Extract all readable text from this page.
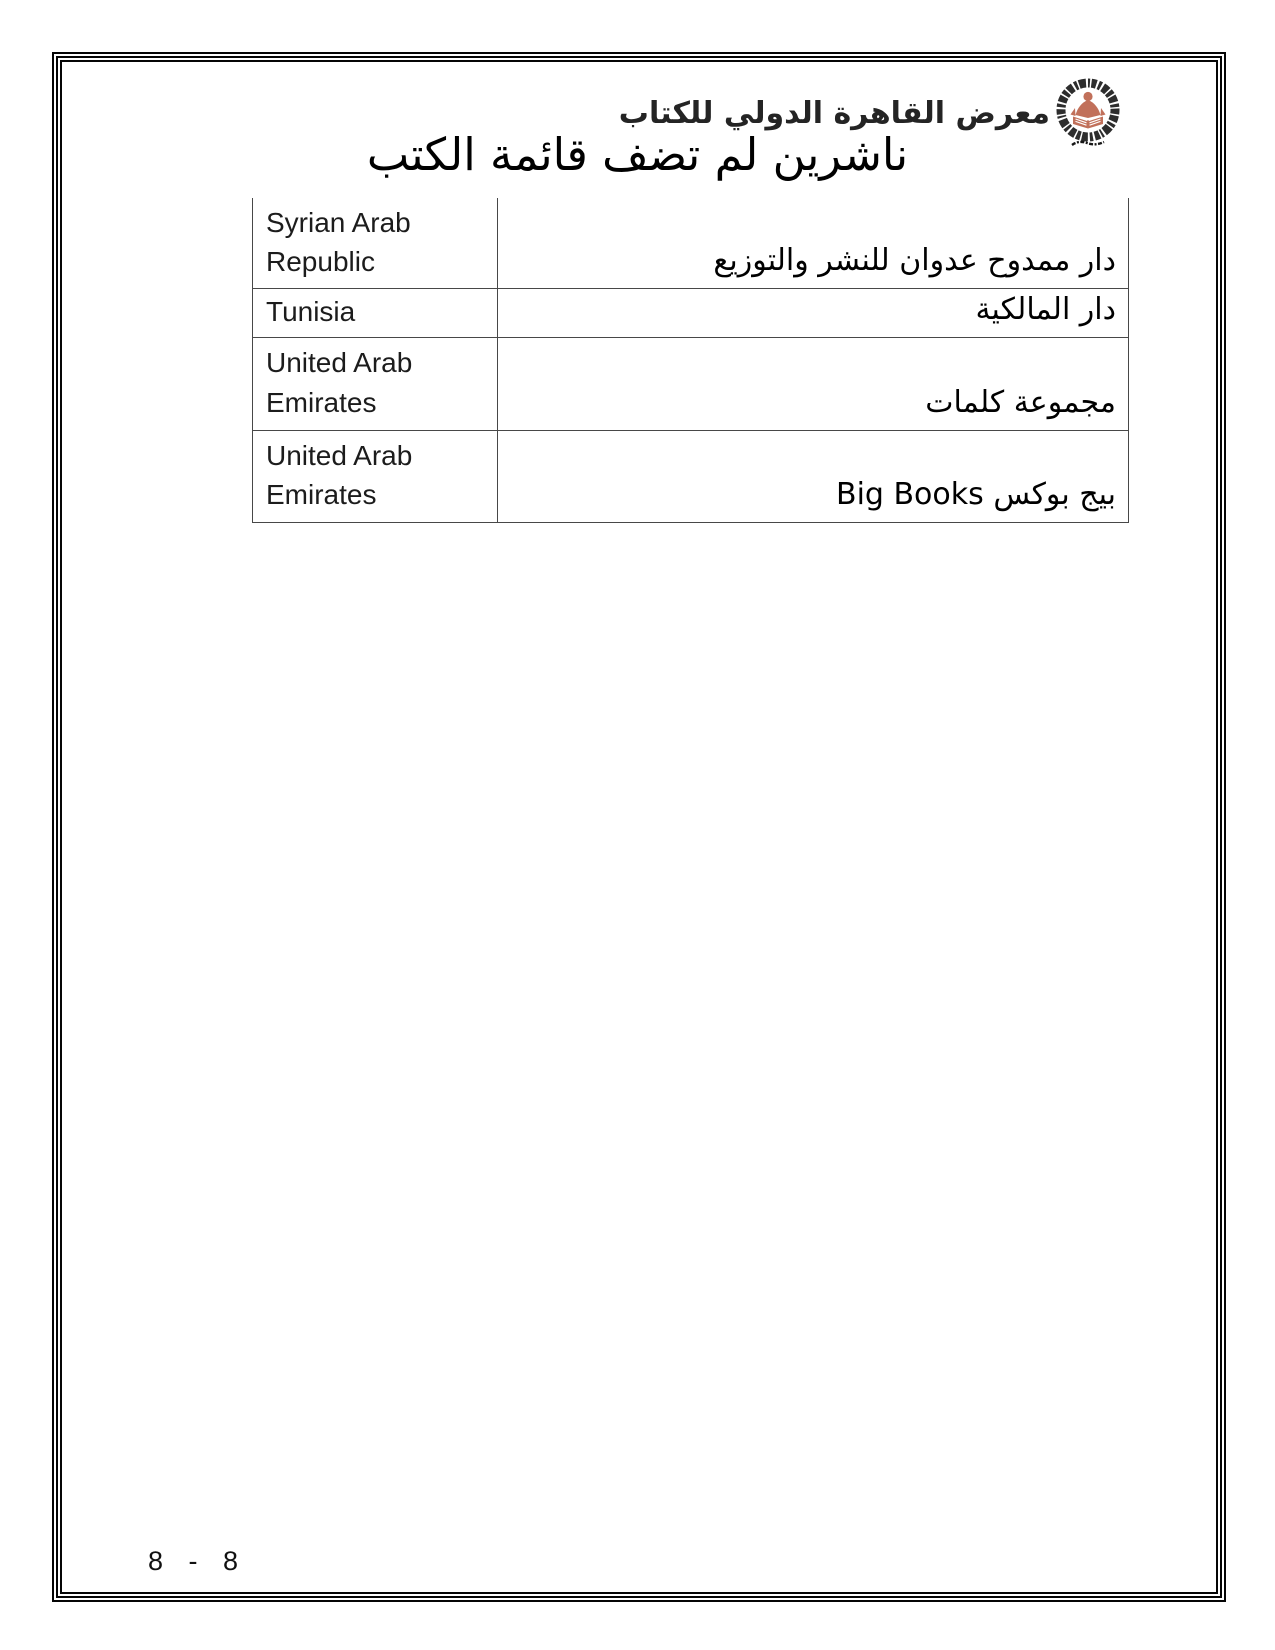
معرض القاهرة الدولي للكتاب
ناشرين لم تضف قائمة الكتب
Syrian Arab Republic	دار ممدوح عدوان للنشر والتوزيع
Tunisia	دار المالكية
United Arab Emirates	مجموعة كلمات
United Arab Emirates	بيج بوكس Big Books
8 - 8
